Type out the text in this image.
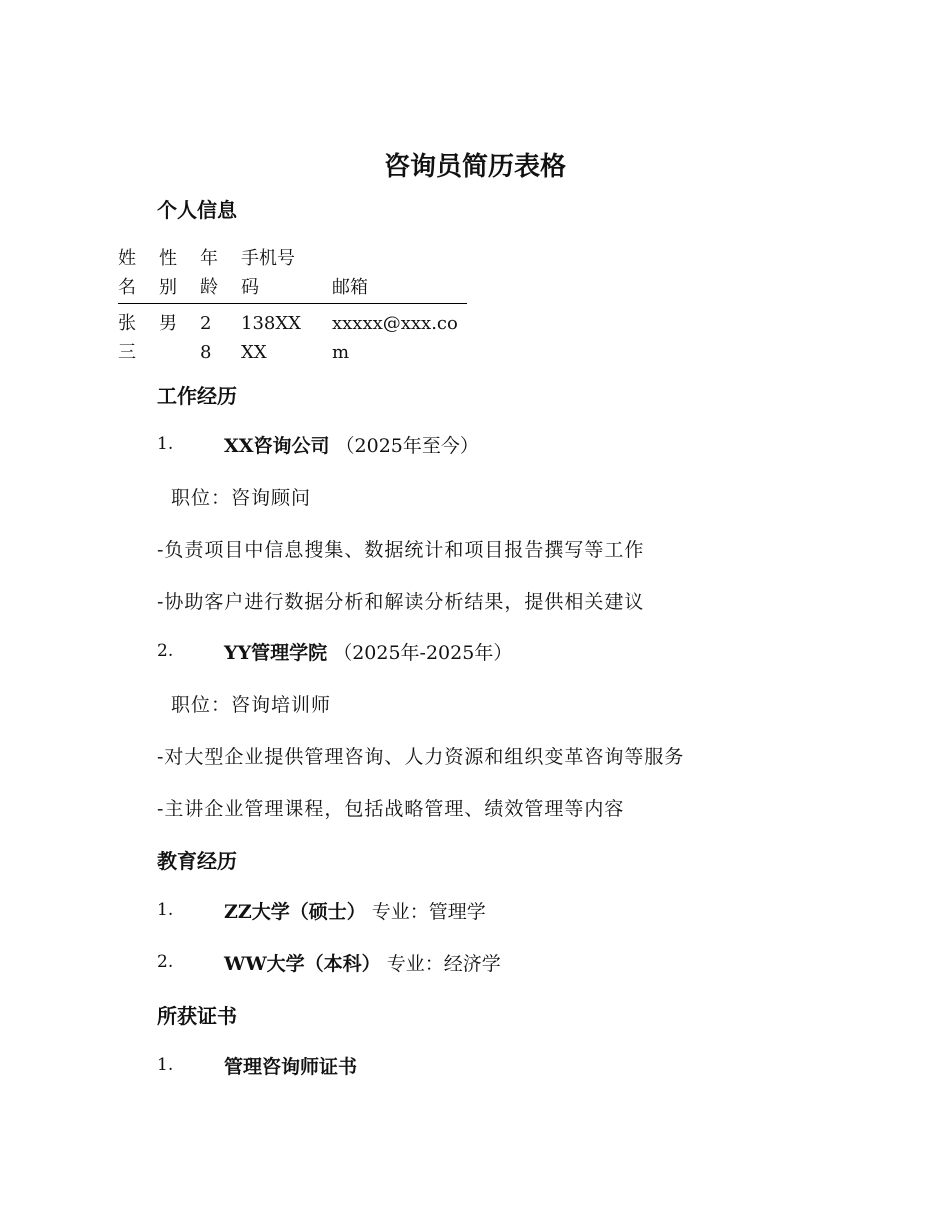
咨询员简历表格
个人信息
姓名	性别	年龄	手机号码	邮箱

张三	男	28	138XXXX	xxxxx@xxx.com
工作经历
1.	XX咨询公司 （2025年至今）
职位：咨询顾问
-负责项目中信息搜集、数据统计和项目报告撰写等工作
-协助客户进行数据分析和解读分析结果，提供相关建议
2.	YY管理学院 （2025年-2025年）
职位：咨询培训师
-对大型企业提供管理咨询、人力资源和组织变革咨询等服务
-主讲企业管理课程，包括战略管理、绩效管理等内容
教育经历
1.	ZZ大学（硕士） 专业：管理学
2.	WW大学（本科） 专业：经济学
所获证书
1.	管理咨询师证书
